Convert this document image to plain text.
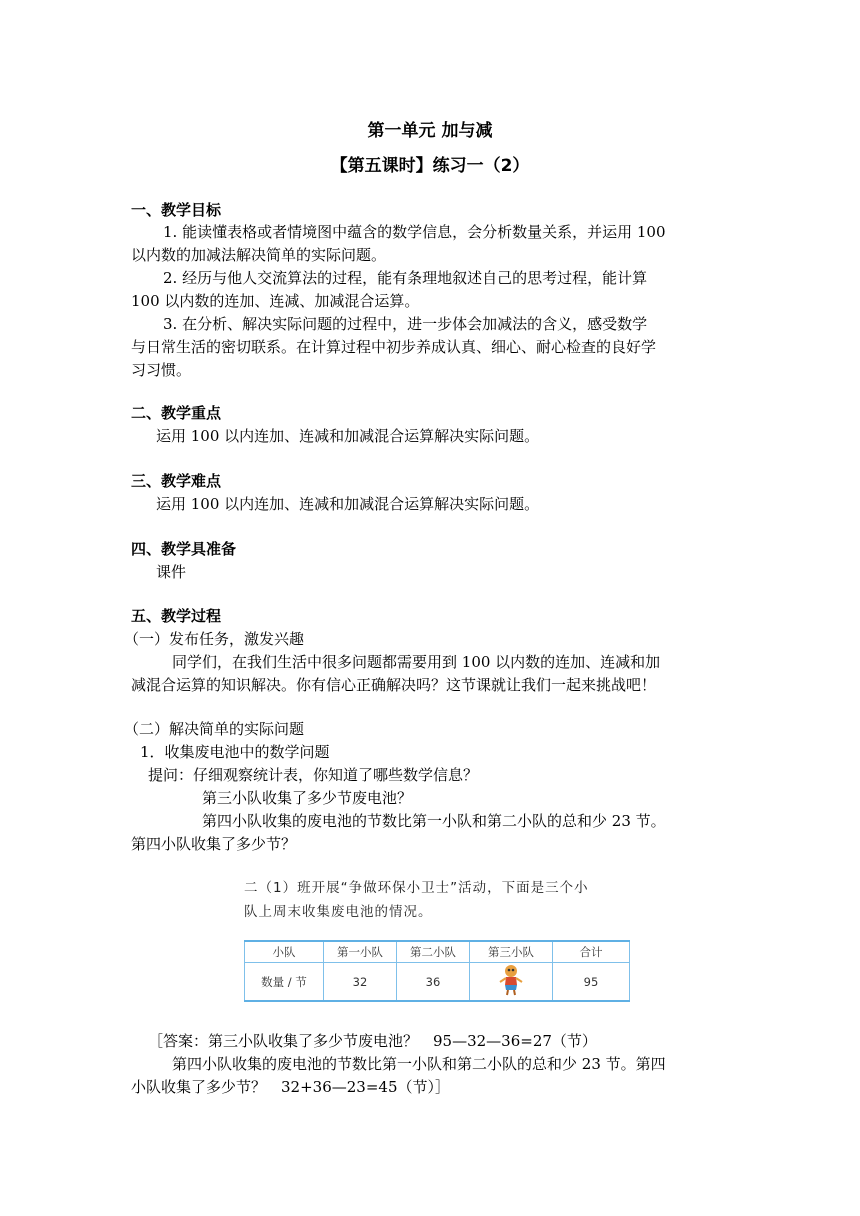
第一单元 加与减
【第五课时】练习一（2）
一、教学目标
　1. 能读懂表格或者情境图中蕴含的数学信息，会分析数量关系，并运用 100
以内数的加减法解决简单的实际问题。
　2. 经历与他人交流算法的过程，能有条理地叙述自己的思考过程，能计算
100 以内数的连加、连减、加减混合运算。
　3. 在分析、解决实际问题的过程中，进一步体会加减法的含义，感受数学
与日常生活的密切联系。在计算过程中初步养成认真、细心、耐心检查的良好学
习习惯。
二、教学重点
运用 100 以内连加、连减和加减混合运算解决实际问题。
三、教学难点
运用 100 以内连加、连减和加减混合运算解决实际问题。
四、教学具准备
课件
五、教学过程
（一）发布任务，激发兴趣
同学们，在我们生活中很多问题都需要用到 100 以内数的连加、连减和加
减混合运算的知识解决。你有信心正确解决吗？这节课就让我们一起来挑战吧！
（二）解决简单的实际问题
1．收集废电池中的数学问题
提问：仔细观察统计表，你知道了哪些数学信息？
第三小队收集了多少节废电池？
第四小队收集的废电池的节数比第一小队和第二小队的总和少 23 节。
第四小队收集了多少节？
二（1）班开展“争做环保小卫士”活动，下面是三个小
队上周末收集废电池的情况。
小队	第一小队	第二小队	第三小队	合计
数量 / 节	32	36		95
［答案：第三小队收集了多少节废电池？　95—32—36=27（节）
第四小队收集的废电池的节数比第一小队和第二小队的总和少 23 节。第四
小队收集了多少节？　32+36—23=45（节）］
